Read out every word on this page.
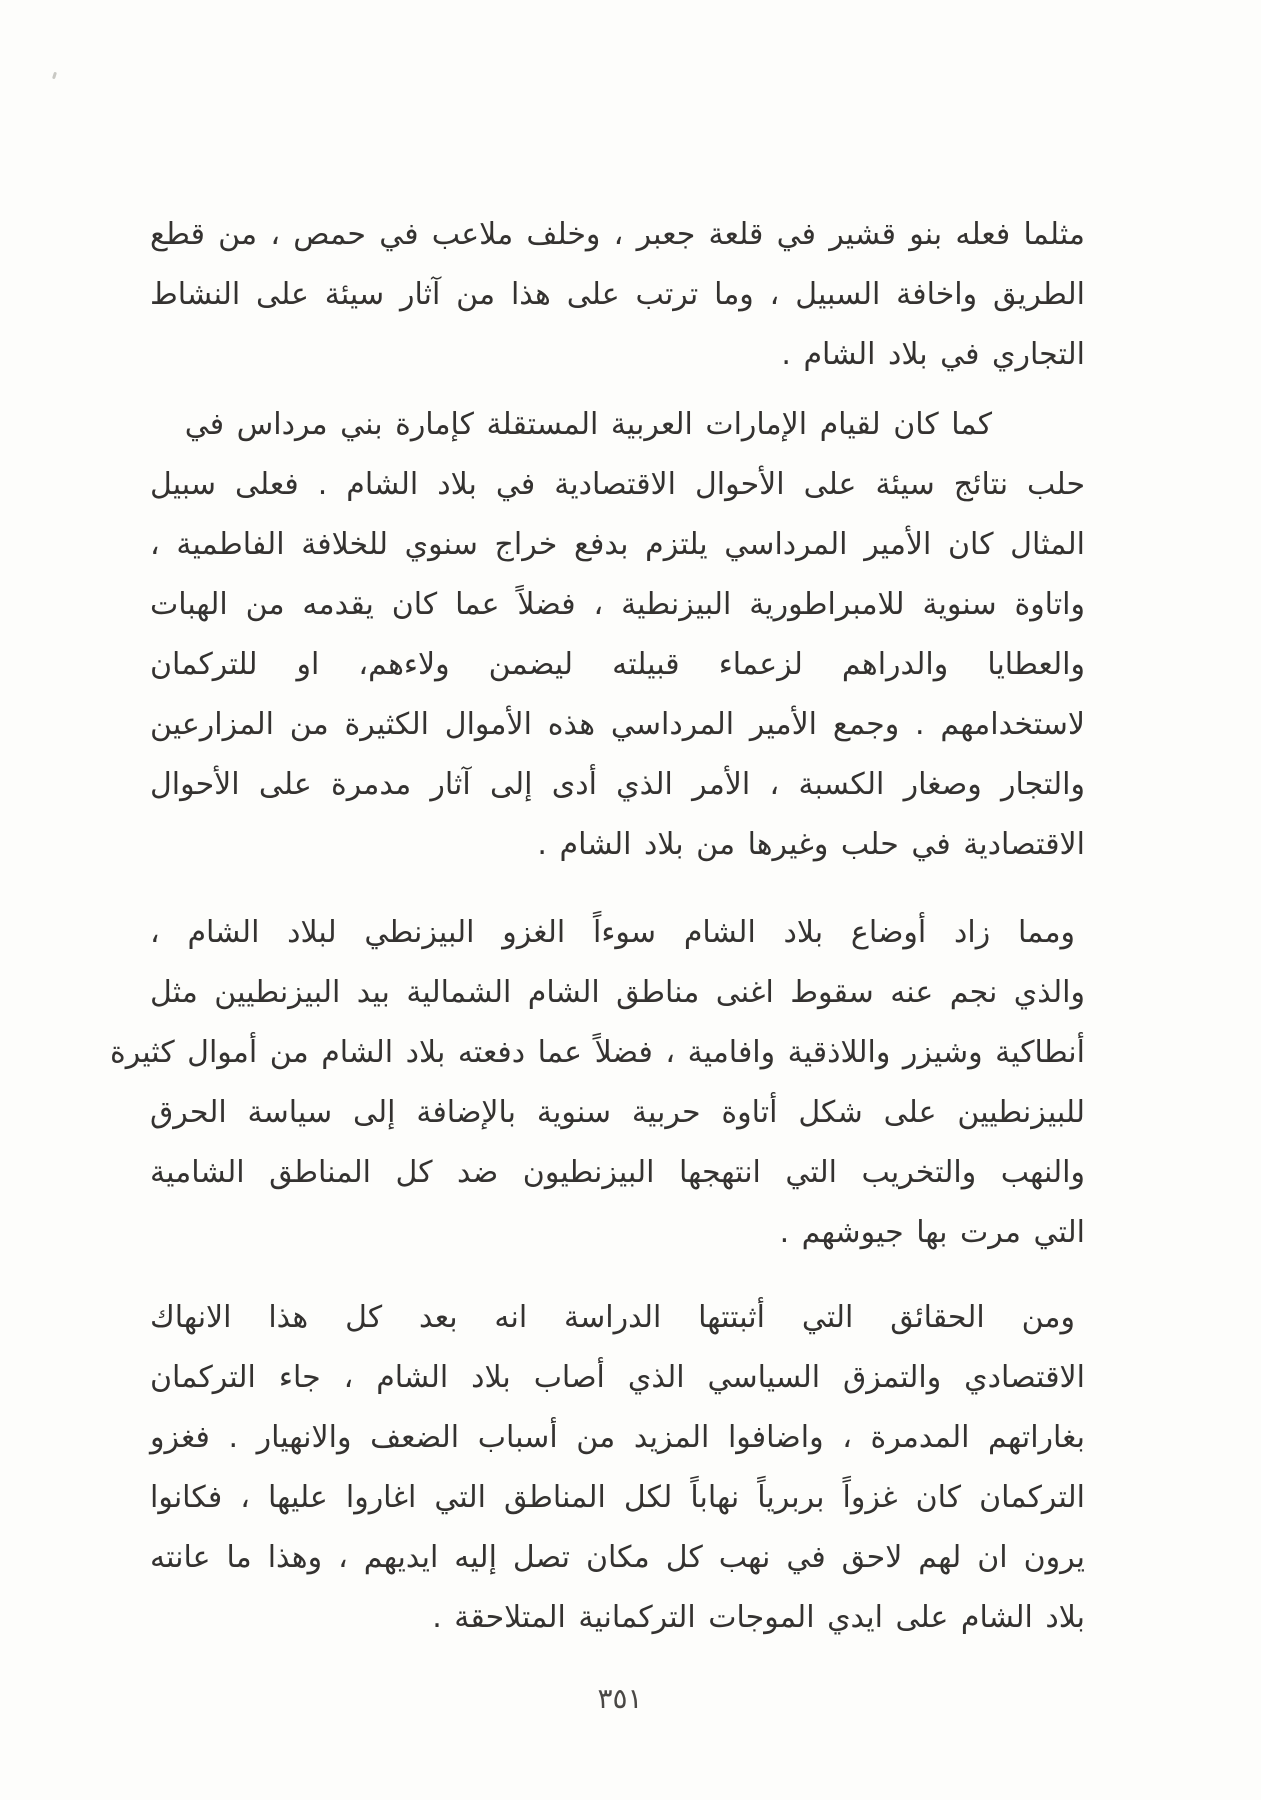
مثلما فعله بنو قشير في قلعة جعبر ، وخلف ملاعب في حمص ، من قطع
الطريق واخافة السبيل ، وما ترتب على هذا من آثار سيئة على النشاط
التجاري في بلاد الشام .
كما كان لقيام الإمارات العربية المستقلة كإمارة بني مرداس في
حلب نتائج سيئة على الأحوال الاقتصادية في بلاد الشام . فعلى سبيل
المثال كان الأمير المرداسي يلتزم بدفع خراج سنوي للخلافة الفاطمية ،
واتاوة سنوية للامبراطورية البيزنطية ، فضلاً عما كان يقدمه من الهبات
والعطايا والدراهم لزعماء قبيلته ليضمن ولاءهم، او للتركمان
لاستخدامهم . وجمع الأمير المرداسي هذه الأموال الكثيرة من المزارعين
والتجار وصغار الكسبة ، الأمر الذي أدى إلى آثار مدمرة على الأحوال
الاقتصادية في حلب وغيرها من بلاد الشام .
ومما زاد أوضاع بلاد الشام سوءاً الغزو البيزنطي لبلاد الشام ،
والذي نجم عنه سقوط اغنى مناطق الشام الشمالية بيد البيزنطيين مثل
أنطاكية وشيزر واللاذقية وافامية ، فضلاً عما دفعته بلاد الشام من أموال كثيرة
للبيزنطيين على شكل أتاوة حربية سنوية بالإضافة إلى سياسة الحرق
والنهب والتخريب التي انتهجها البيزنطيون ضد كل المناطق الشامية
التي مرت بها جيوشهم .
ومن الحقائق التي أثبتتها الدراسة انه بعد كل هذا الانهاك
الاقتصادي والتمزق السياسي الذي أصاب بلاد الشام ، جاء التركمان
بغاراتهم المدمرة ، واضافوا المزيد من أسباب الضعف والانهيار . فغزو
التركمان كان غزواً بربرياً نهاباً لكل المناطق التي اغاروا عليها ، فكانوا
يرون ان لهم لاحق في نهب كل مكان تصل إليه ايديهم ، وهذا ما عانته
بلاد الشام على ايدي الموجات التركمانية المتلاحقة .
٣٥١
